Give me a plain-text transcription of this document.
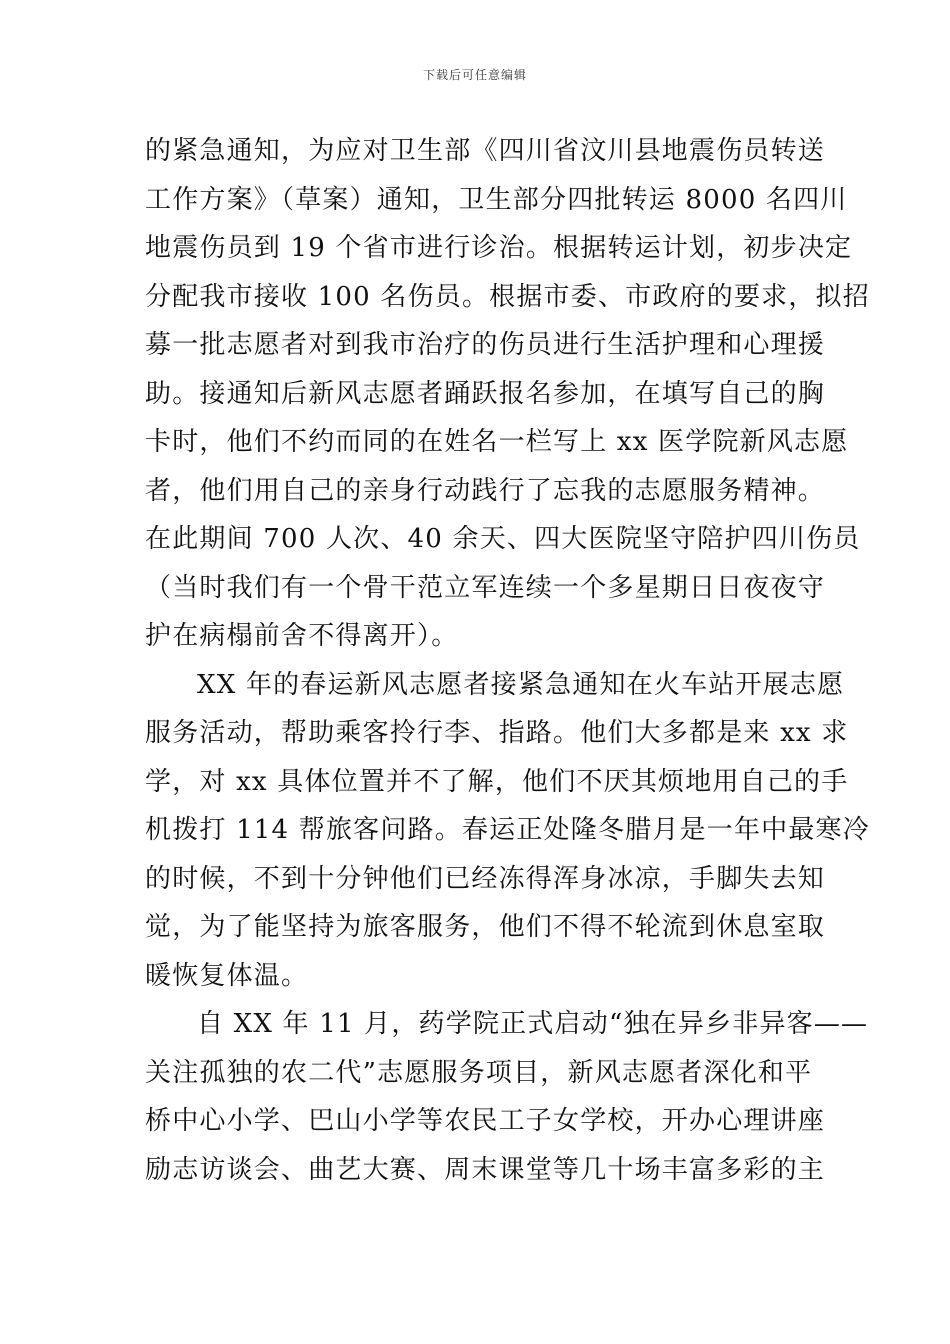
下载后可任意编辑
的紧急通知，为应对卫生部《四川省汶川县地震伤员转送
工作方案》（草案）通知，卫生部分四批转运 8000 名四川
地震伤员到 19 个省市进行诊治。根据转运计划，初步决定
分配我市接收 100 名伤员。根据市委、市政府的要求，拟招
募一批志愿者对到我市治疗的伤员进行生活护理和心理援
助。接通知后新风志愿者踊跃报名参加，在填写自己的胸
卡时，他们不约而同的在姓名一栏写上 xx 医学院新风志愿
者，他们用自己的亲身行动践行了忘我的志愿服务精神。
在此期间 700 人次、40 余天、四大医院坚守陪护四川伤员
（当时我们有一个骨干范立军连续一个多星期日日夜夜守
护在病榻前舍不得离开）。
XX 年的春运新风志愿者接紧急通知在火车站开展志愿
服务活动，帮助乘客拎行李、指路。他们大多都是来 xx 求
学，对 xx 具体位置并不了解，他们不厌其烦地用自己的手
机拨打 114 帮旅客问路。春运正处隆冬腊月是一年中最寒冷
的时候，不到十分钟他们已经冻得浑身冰凉，手脚失去知
觉，为了能坚持为旅客服务，他们不得不轮流到休息室取
暖恢复体温。
自 XX 年 11 月，药学院正式启动“独在异乡非异客——
关注孤独的农二代”志愿服务项目，新风志愿者深化和平
桥中心小学、巴山小学等农民工子女学校，开办心理讲座
励志访谈会、曲艺大赛、周末课堂等几十场丰富多彩的主
